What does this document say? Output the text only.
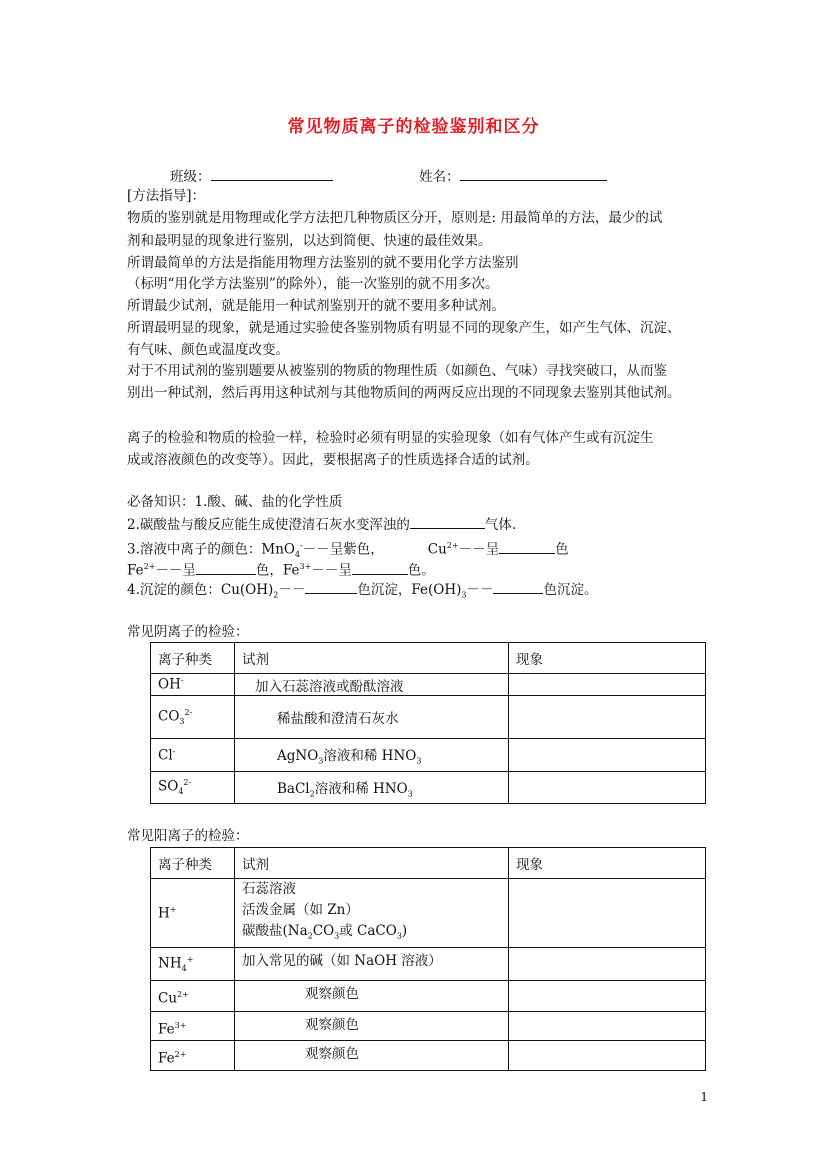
常见物质离子的检验鉴别和区分
班级：	姓名：
[方法指导]：
物质的鉴别就是用物理或化学方法把几种物质区分开，原则是: 用最简单的方法，最少的试
剂和最明显的现象进行鉴别，以达到简便、快速的最佳效果。
所谓最简单的方法是指能用物理方法鉴别的就不要用化学方法鉴别
（标明“用化学方法鉴别”的除外），能一次鉴别的就不用多次。
所谓最少试剂，就是能用一种试剂鉴别开的就不要用多种试剂。
所谓最明显的现象，就是通过实验使各鉴别物质有明显不同的现象产生，如产生气体、沉淀、
有气味、颜色或温度改变。
对于不用试剂的鉴别题要从被鉴别的物质的物理性质（如颜色、气味）寻找突破口，从而鉴
别出一种试剂，然后再用这种试剂与其他物质间的两两反应出现的不同现象去鉴别其他试剂。
离子的检验和物质的检验一样，检验时必须有明显的实验现象（如有气体产生或有沉淀生
成或溶液颜色的改变等）。因此，要根据离子的性质选择合适的试剂。
必备知识：1.酸、碱、盐的化学性质
2.碳酸盐与酸反应能生成使澄清石灰水变浑浊的	气体.
3.溶液中离子的颜色：MnO$_4$-－－呈紫色，	$Cu^{2+}--$呈	色
$Fe^{2+}--$呈	色，$Fe^{3+}--$呈	色。
4.沉淀的颜色：$Cu(OH)_2--$	色沉淀，$Fe(OH)_3--$	色沉淀。
常见阴离子的检验：
离子种类	试剂	现象
OH-	加入石蕊溶液或酚酞溶液	
$CO_3^{2-}$	稀盐酸和澄清石灰水	
Cl-	AgNO$_3$溶液和稀 $HNO_3$	
$SO_4^{2-}$	BaCl$_2$溶液和稀 $HNO_3$	
常见阳离子的检验：
离子种类	试剂	现象
H+	石蕊溶液
活泼金属（如 Zn）
碳酸盐($Na_2CO_3$或 CaCO$_3$)	

$NH_4^+$	加入常见的碱（如 NaOH 溶液）	
$Cu^{2+}$	观察颜色	
$Fe^{3+}$	观察颜色	
$Fe^{2+}$	观察颜色	
1
